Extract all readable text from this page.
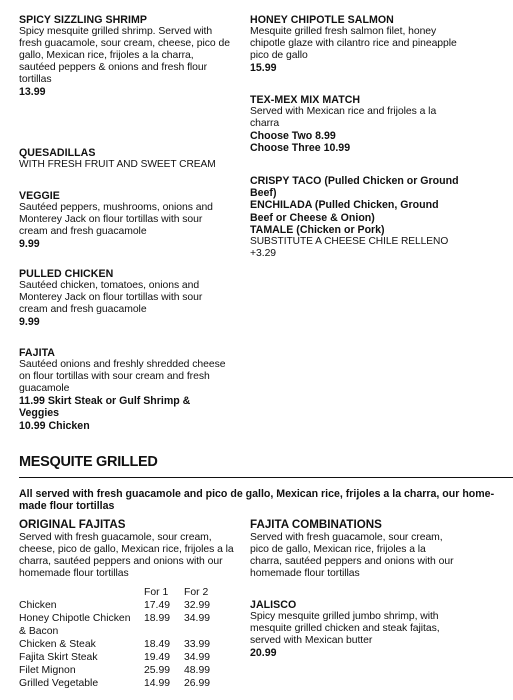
SPICY SIZZLING SHRIMP
Spicy mesquite grilled shrimp. Served with fresh guacamole, sour cream, cheese, pico de gallo, Mexican rice, frijoles a la charra, sautéed peppers & onions and fresh flour tortillas
13.99
QUESADILLAS
WITH FRESH FRUIT AND SWEET CREAM
VEGGIE
Sautéed peppers, mushrooms, onions and Monterey Jack on flour tortillas with sour cream and fresh guacamole
9.99
PULLED CHICKEN
Sautéed chicken, tomatoes, onions and Monterey Jack on flour tortillas with sour cream and fresh guacamole
9.99
FAJITA
Sautéed onions and freshly shredded cheese on flour tortillas with sour cream and fresh guacamole
11.99 Skirt Steak or Gulf Shrimp & Veggies
10.99 Chicken
HONEY CHIPOTLE SALMON
Mesquite grilled fresh salmon filet, honey chipotle glaze with cilantro rice and pineapple pico de gallo
15.99
TEX-MEX MIX MATCH
Served with Mexican rice and frijoles a la charra
Choose Two 8.99
Choose Three 10.99
CRISPY TACO (Pulled Chicken or Ground Beef)
ENCHILADA (Pulled Chicken, Ground Beef or Cheese & Onion)
TAMALE (Chicken or Pork)
SUBSTITUTE A CHEESE CHILE RELLENO
+3.29
MESQUITE GRILLED
All served with fresh guacamole and pico de gallo, Mexican rice, frijoles a la charra, our home-made flour tortillas
ORIGINAL FAJITAS
Served with fresh guacamole, sour cream, cheese, pico de gallo, Mexican rice, frijoles a la charra, sautéed peppers and onions with our homemade flour tortillas
	For 1	For 2
Chicken	17.49	32.99
Honey Chipotle Chicken & Bacon	18.99	34.99
Chicken & Steak	18.49	33.99
Fajita Skirt Steak	19.49	34.99
Filet Mignon	25.99	48.99
Grilled Vegetable	14.99	26.99
FAJITA COMBINATIONS
Served with fresh guacamole, sour cream, pico de gallo, Mexican rice, frijoles a la charra, sautéed peppers and onions with our homemade flour tortillas
JALISCO
Spicy mesquite grilled jumbo shrimp, with mesquite grilled chicken and steak fajitas, served with Mexican butter
20.99
